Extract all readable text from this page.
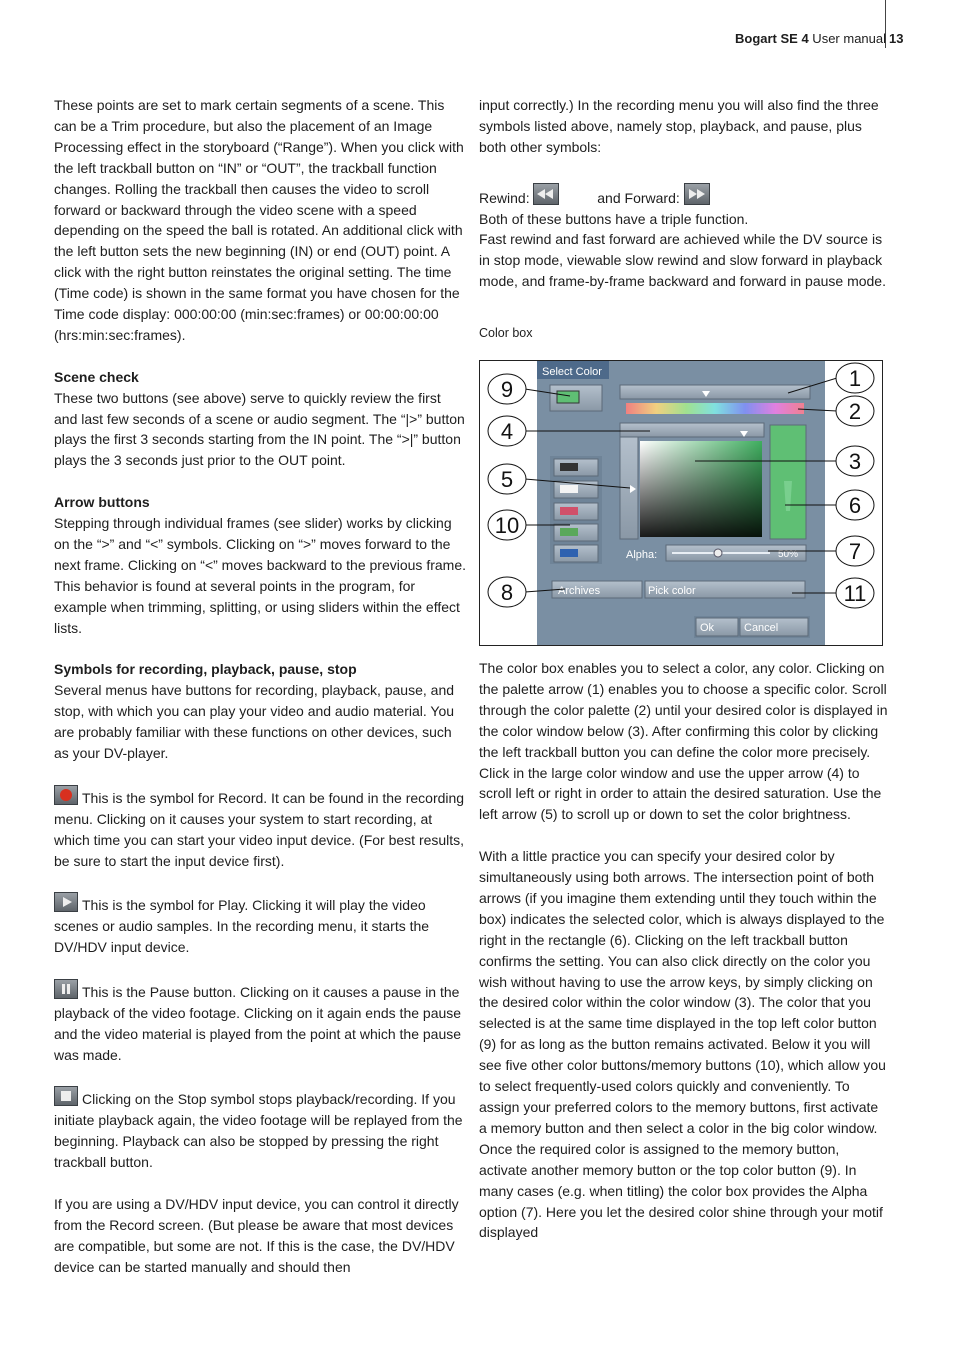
Bogart SE 4 User manual 13

These points are set to mark certain segments of a scene. This can be a Trim procedure, but also the placement of an Image Processing effect in the storyboard (“Range”). When you click with the left trackball button on “IN” or “OUT”, the trackball function changes. Rolling the trackball then causes the video to scroll forward or backward through the video scene with a speed depending on the speed the ball is rotated. An additional click with the left button sets the new beginning (IN) or end (OUT) point. A click with the right button reinstates the original setting. The time (Time code) is shown in the same format you have chosen for the Time code display: 000:00:00 (min:sec:frames) or 00:00:00:00 (hrs:min:sec:frames).

Scene check

These two buttons (see above) serve to quickly review the first and last few seconds of a scene or audio segment. The “|>” button plays the first 3 seconds starting from the IN point. The “>|” button plays the 3 seconds just prior to the OUT point.

Arrow buttons

Stepping through individual frames (see slider) works by clicking on the “>” and “<” symbols. Clicking on “>” moves forward to the next frame. Clicking on “<” moves backward to the previous frame. This behavior is found at several points in the program, for example when trimming, splitting, or using sliders within the effect lists.

Symbols for recording, playback, pause, stop

Several menus have buttons for recording, playback, pause, and stop, with which you can play your video and audio material. You are probably familiar with these functions on other devices, such as your DV-player.

This is the symbol for Record. It can be found in the recording menu. Clicking on it causes your system to start recording, at which time you can start your video input device. (For best results, be sure to start the input device first).

This is the symbol for Play. Clicking it will play the video scenes or audio samples. In the recording menu, it starts the DV/HDV input device.

This is the Pause button. Clicking on it causes a pause in the playback of the video footage. Clicking on it again ends the pause and the video material is played from the point at which the pause was made.

Clicking on the Stop symbol stops playback/recording. If you initiate playback again, the video footage will be replayed from the beginning. Playback can also be stopped by pressing the right trackball button.

If you are using a DV/HDV input device, you can control it directly from the Record screen. (But please be aware that most devices are compatible, but some are not. If this is the case, the DV/HDV device can be started manually and should then

input correctly.) In the recording menu you will also find the three symbols listed above, namely stop, playback, and pause, plus both other symbols:

Rewind:	and Forward:

Both of these buttons have a triple function.

Fast rewind and fast forward are achieved while the DV source is in stop mode, viewable slow rewind and slow forward in playback mode, and frame-by-frame backward and forward in pause mode.

Color box

Select Color
Alpha:	50%
Archives	Pick color
Ok	Cancel
9
4
5
10
8
1
2
3
6
7
11

The color box enables you to select a color, any color. Clicking on the palette arrow (1) enables you to choose a specific color. Scroll through the color palette (2) until your desired color is displayed in the color window below (3). After confirming this color by clicking the left trackball button you can define the color more precisely. Click in the large color window and use the upper arrow (4) to scroll left or right in order to attain the desired saturation. Use the left arrow (5) to scroll up or down to set the color brightness.

With a little practice you can specify your desired color by simultaneously using both arrows. The intersection point of both arrows (if you imagine them extending until they touch within the box) indicates the selected color, which is always displayed to the right in the rectangle (6). Clicking on the left trackball button confirms the setting. You can also click directly on the color you wish without having to use the arrow keys, by simply clicking on the desired color within the color window (3). The color that you selected is at the same time displayed in the top left color button (9) for as long as the button remains activated. Below it you will see five other color buttons/memory buttons (10), which allow you to select frequently-used colors quickly and conveniently. To assign your preferred colors to the memory buttons, first activate a memory button and then select a color in the big color window. Once the required color is assigned to the memory button, activate another memory button or the top color button (9). In many cases (e.g. when titling) the color box provides the Alpha option (7). Here you let the desired color shine through your motif displayed
